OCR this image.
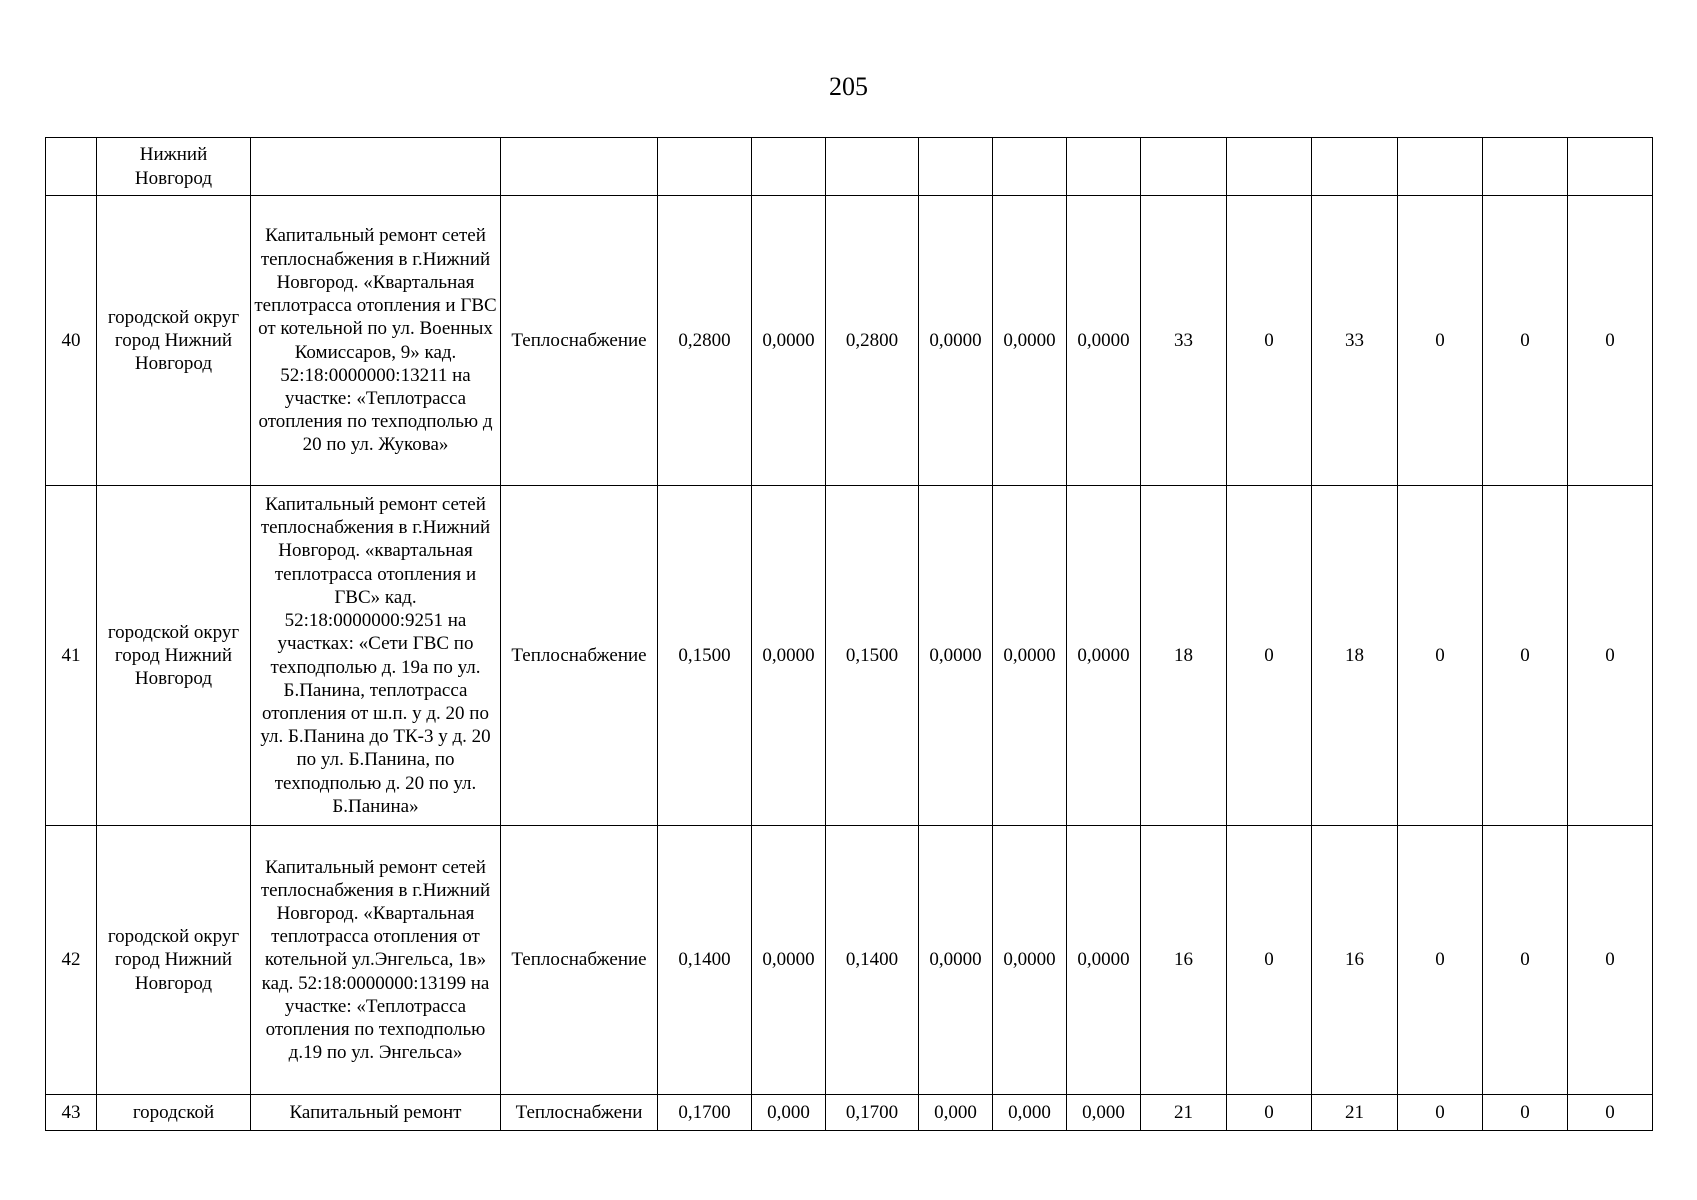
205
	Нижний Новгород														
40	городской округ город Нижний Новгород	Капитальный ремонт сетей теплоснабжения в г.Нижний Новгород. «Квартальная теплотрасса отопления и ГВС от котельной по ул. Военных Комиссаров, 9» кад. 52:18:0000000:13211 на участке: «Теплотрасса отопления по техподполью д 20 по ул. Жукова»	Теплоснабжение	0,2800	0,0000	0,2800	0,0000	0,0000	0,0000	33	0	33	0	0	0
41	городской округ город Нижний Новгород	Капитальный ремонт сетей теплоснабжения в г.Нижний Новгород. «квартальная теплотрасса отопления и ГВС» кад. 52:18:0000000:9251 на участках: «Сети ГВС по техподполью д. 19а по ул. Б.Панина, теплотрасса отопления от ш.п. у д. 20 по ул. Б.Панина до ТК-3 у д. 20 по ул. Б.Панина, по техподполью д. 20 по ул. Б.Панина»	Теплоснабжение	0,1500	0,0000	0,1500	0,0000	0,0000	0,0000	18	0	18	0	0	0
42	городской округ город Нижний Новгород	Капитальный ремонт сетей теплоснабжения в г.Нижний Новгород. «Квартальная теплотрасса отопления от котельной ул.Энгельса, 1в» кад. 52:18:0000000:13199 на участке: «Теплотрасса отопления по техподполью д.19 по ул. Энгельса»	Теплоснабжение	0,1400	0,0000	0,1400	0,0000	0,0000	0,0000	16	0	16	0	0	0
43	городской	Капитальный ремонт	Теплоснабжени	0,1700	0,000	0,1700	0,000	0,000	0,000	21	0	21	0	0	0
